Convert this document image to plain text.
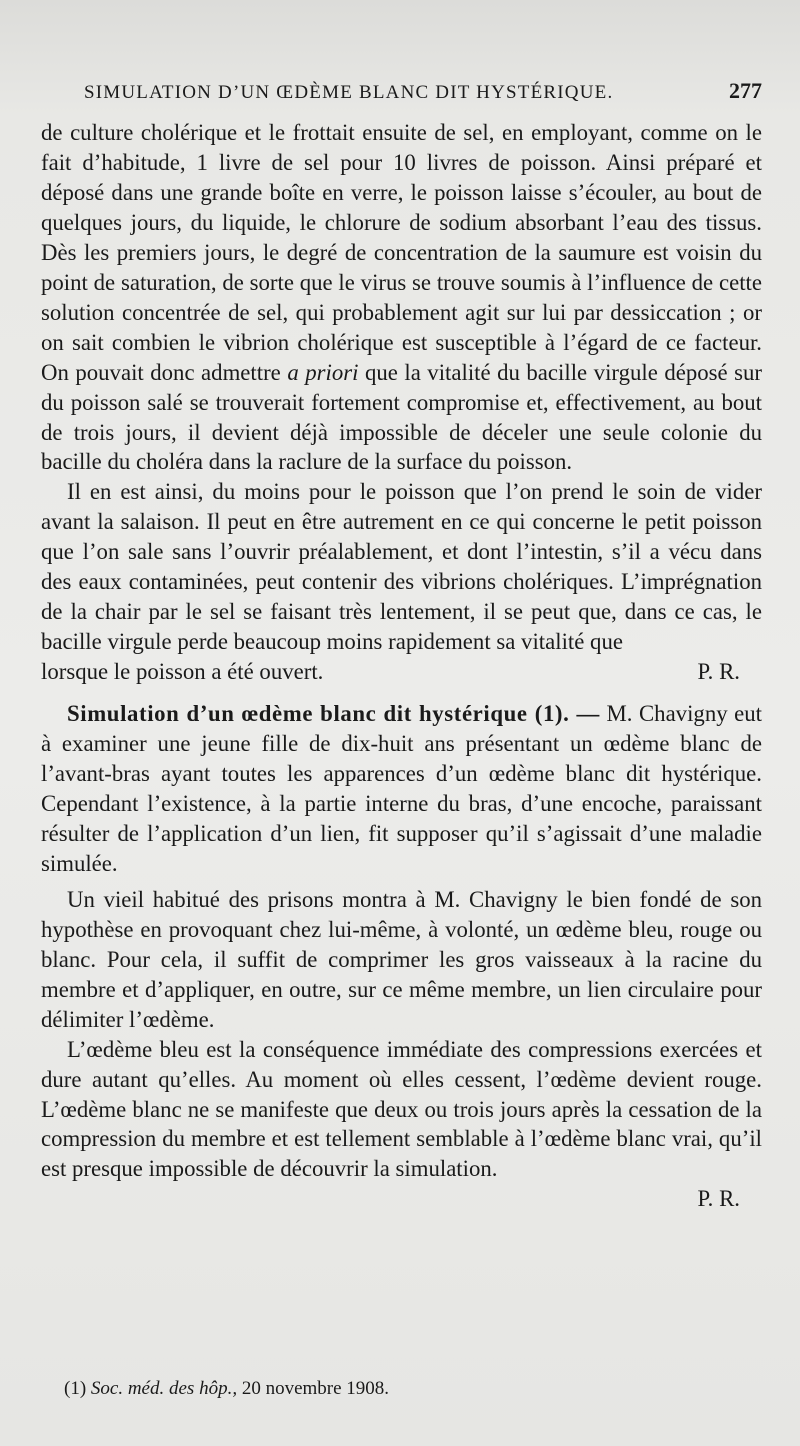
SIMULATION D’UN ŒDÈME BLANC DIT HYSTÉRIQUE.	277

de culture cholérique et le frottait ensuite de sel, en employant, comme on le fait d’habitude, 1 livre de sel pour 10 livres de poisson. Ainsi préparé et déposé dans une grande boîte en verre, le poisson laisse s’écouler, au bout de quelques jours, du liquide, le chlorure de sodium absorbant l’eau des tissus. Dès les premiers jours, le degré de concentration de la saumure est voisin du point de saturation, de sorte que le virus se trouve soumis à l’influence de cette solution concentrée de sel, qui probablement agit sur lui par dessiccation ; or on sait combien le vibrion cholérique est susceptible à l’égard de ce facteur. On pouvait donc admettre a priori que la vitalité du bacille virgule déposé sur du poisson salé se trouverait fortement compromise et, effectivement, au bout de trois jours, il devient déjà impossible de déceler une seule colonie du bacille du choléra dans la raclure de la surface du poisson.

Il en est ainsi, du moins pour le poisson que l’on prend le soin de vider avant la salaison. Il peut en être autrement en ce qui concerne le petit poisson que l’on sale sans l’ouvrir préalablement, et dont l’intestin, s’il a vécu dans des eaux contaminées, peut contenir des vibrions cholériques. L’imprégnation de la chair par le sel se faisant très lentement, il se peut que, dans ce cas, le bacille virgule perde beaucoup moins rapidement sa vitalité que

lorsque le poisson a été ouvert.	P. R.

Simulation d’un œdème blanc dit hystérique (1). — M. Chavigny eut à examiner une jeune fille de dix-huit ans présentant un œdème blanc de l’avant-bras ayant toutes les apparences d’un œdème blanc dit hystérique. Cependant l’existence, à la partie interne du bras, d’une encoche, paraissant résulter de l’application d’un lien, fit supposer qu’il s’agissait d’une maladie simulée.

Un vieil habitué des prisons montra à M. Chavigny le bien fondé de son hypothèse en provoquant chez lui-même, à volonté, un œdème bleu, rouge ou blanc. Pour cela, il suffit de comprimer les gros vaisseaux à la racine du membre et d’appliquer, en outre, sur ce même membre, un lien circulaire pour délimiter l’œdème.

L’œdème bleu est la conséquence immédiate des compressions exercées et dure autant qu’elles. Au moment où elles cessent, l’œdème devient rouge. L’œdème blanc ne se manifeste que deux ou trois jours après la cessation de la compression du membre et est tellement semblable à l’œdème blanc vrai, qu’il est presque impossible de découvrir la simulation.

P. R.

(1) Soc. méd. des hôp., 20 novembre 1908.
